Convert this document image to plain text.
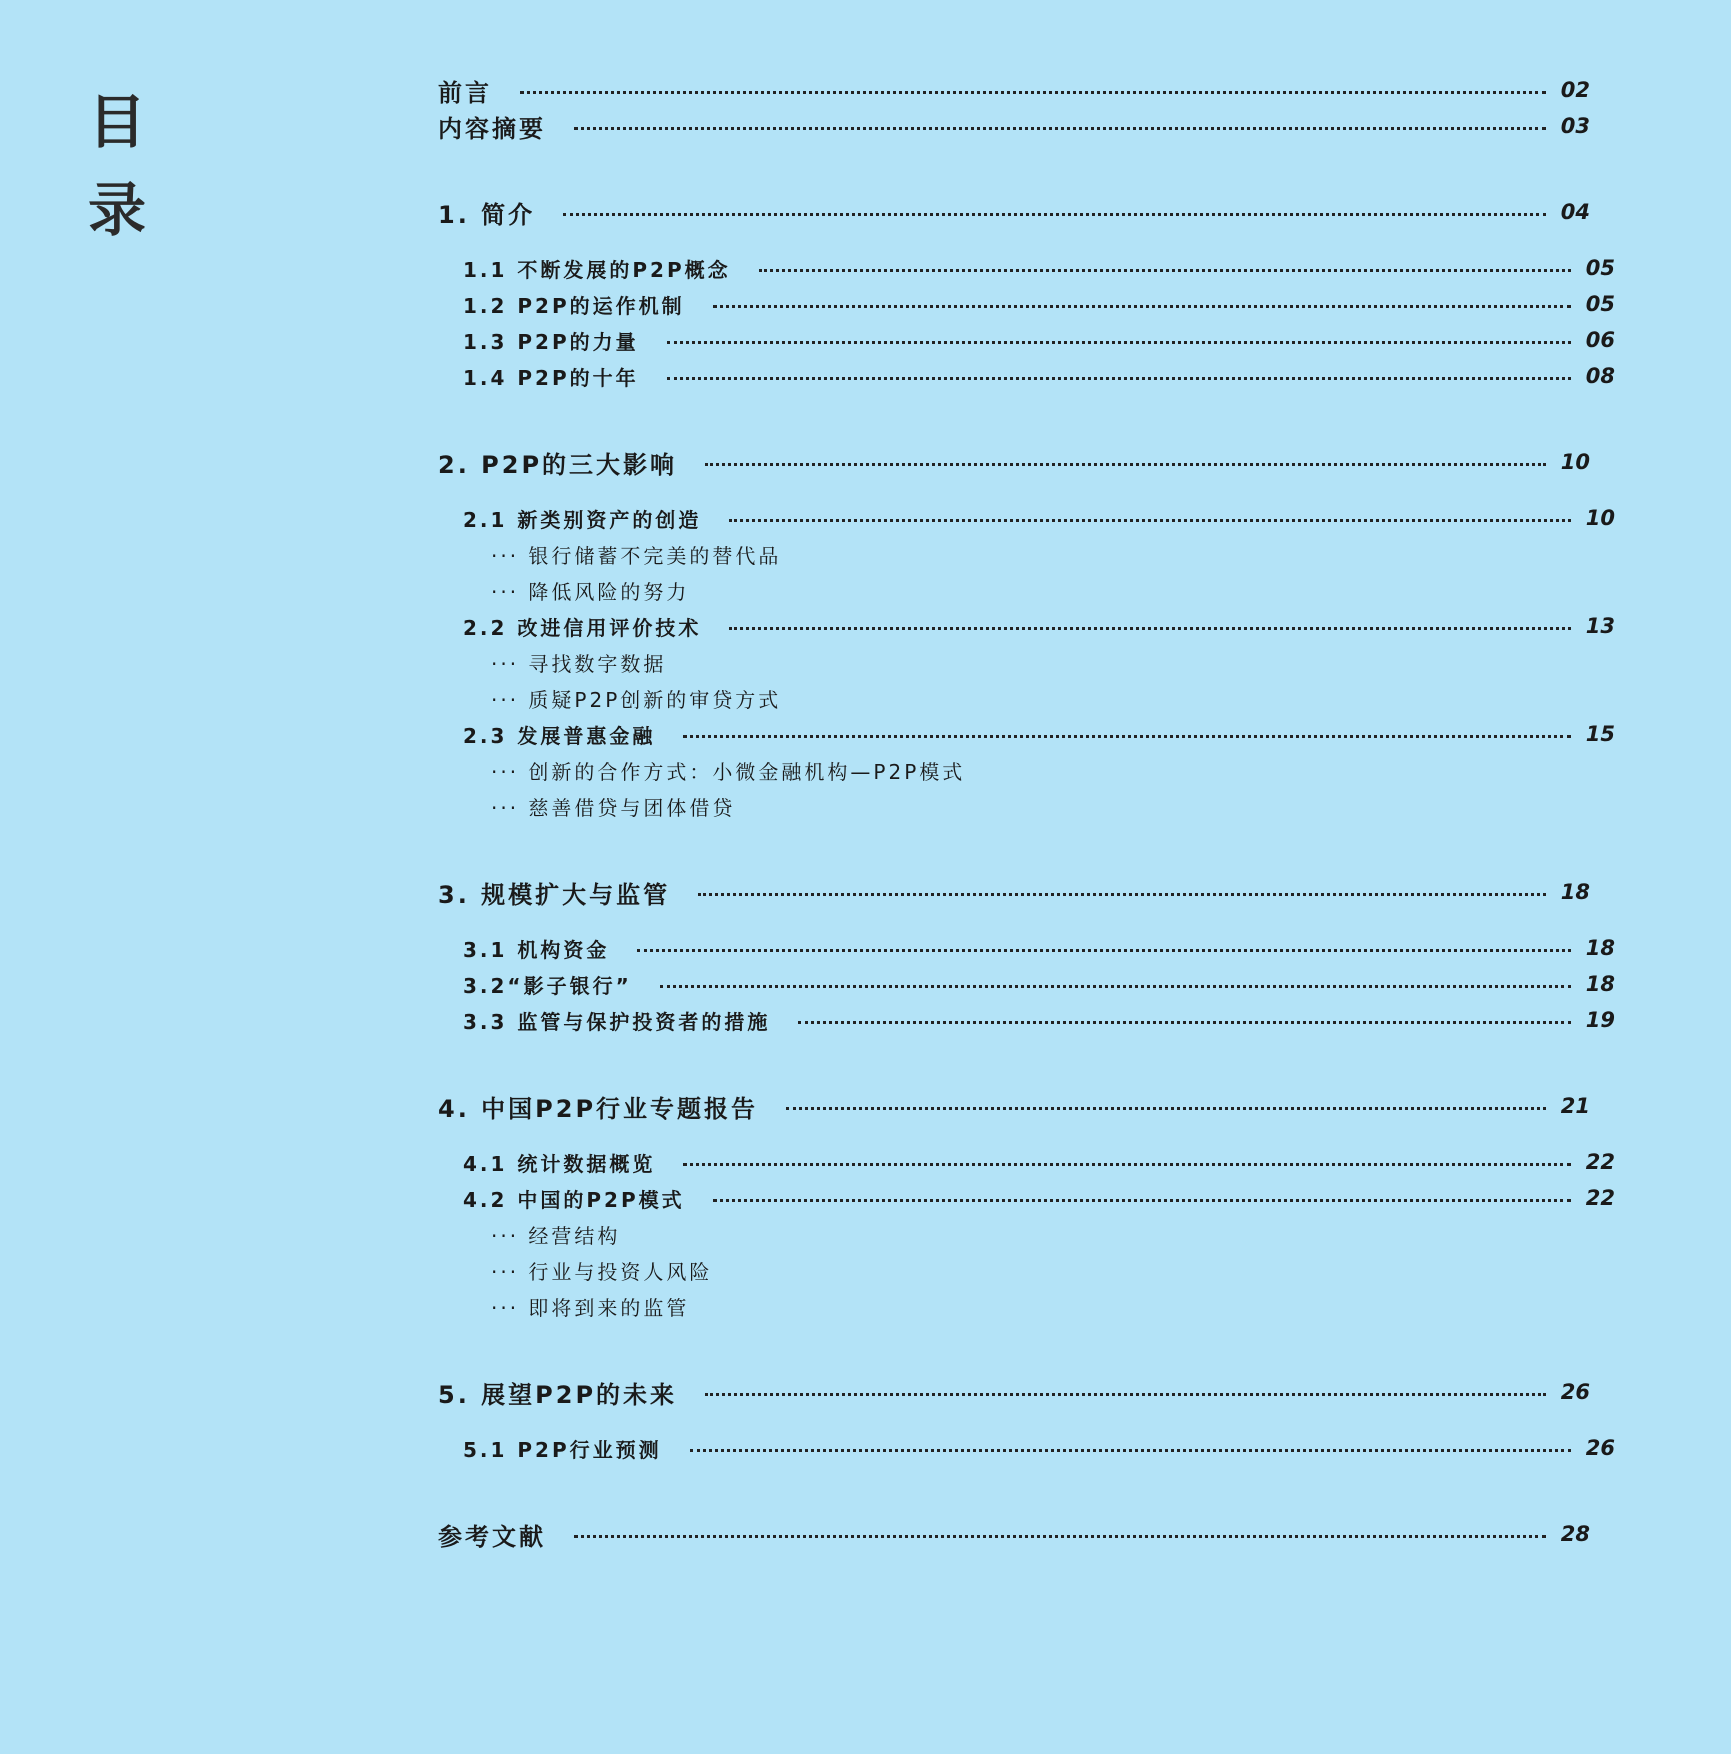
目
录
前言	02
内容摘要	03
1. 简介	04
1.1 不断发展的P2P概念	05
1.2 P2P的运作机制	05
1.3 P2P的力量	06
1.4 P2P的十年	08
2. P2P的三大影响	10
2.1 新类别资产的创造	10
··· 银行储蓄不完美的替代品
··· 降低风险的努力
2.2 改进信用评价技术	13
··· 寻找数字数据
··· 质疑P2P创新的审贷方式
2.3 发展普惠金融	15
··· 创新的合作方式：小微金融机构—P2P模式
··· 慈善借贷与团体借贷
3. 规模扩大与监管	18
3.1 机构资金	18
3.2“影子银行”	18
3.3 监管与保护投资者的措施	19
4. 中国P2P行业专题报告	21
4.1 统计数据概览	22
4.2 中国的P2P模式	22
··· 经营结构
··· 行业与投资人风险
··· 即将到来的监管
5. 展望P2P的未来	26
5.1 P2P行业预测	26
参考文献	28
